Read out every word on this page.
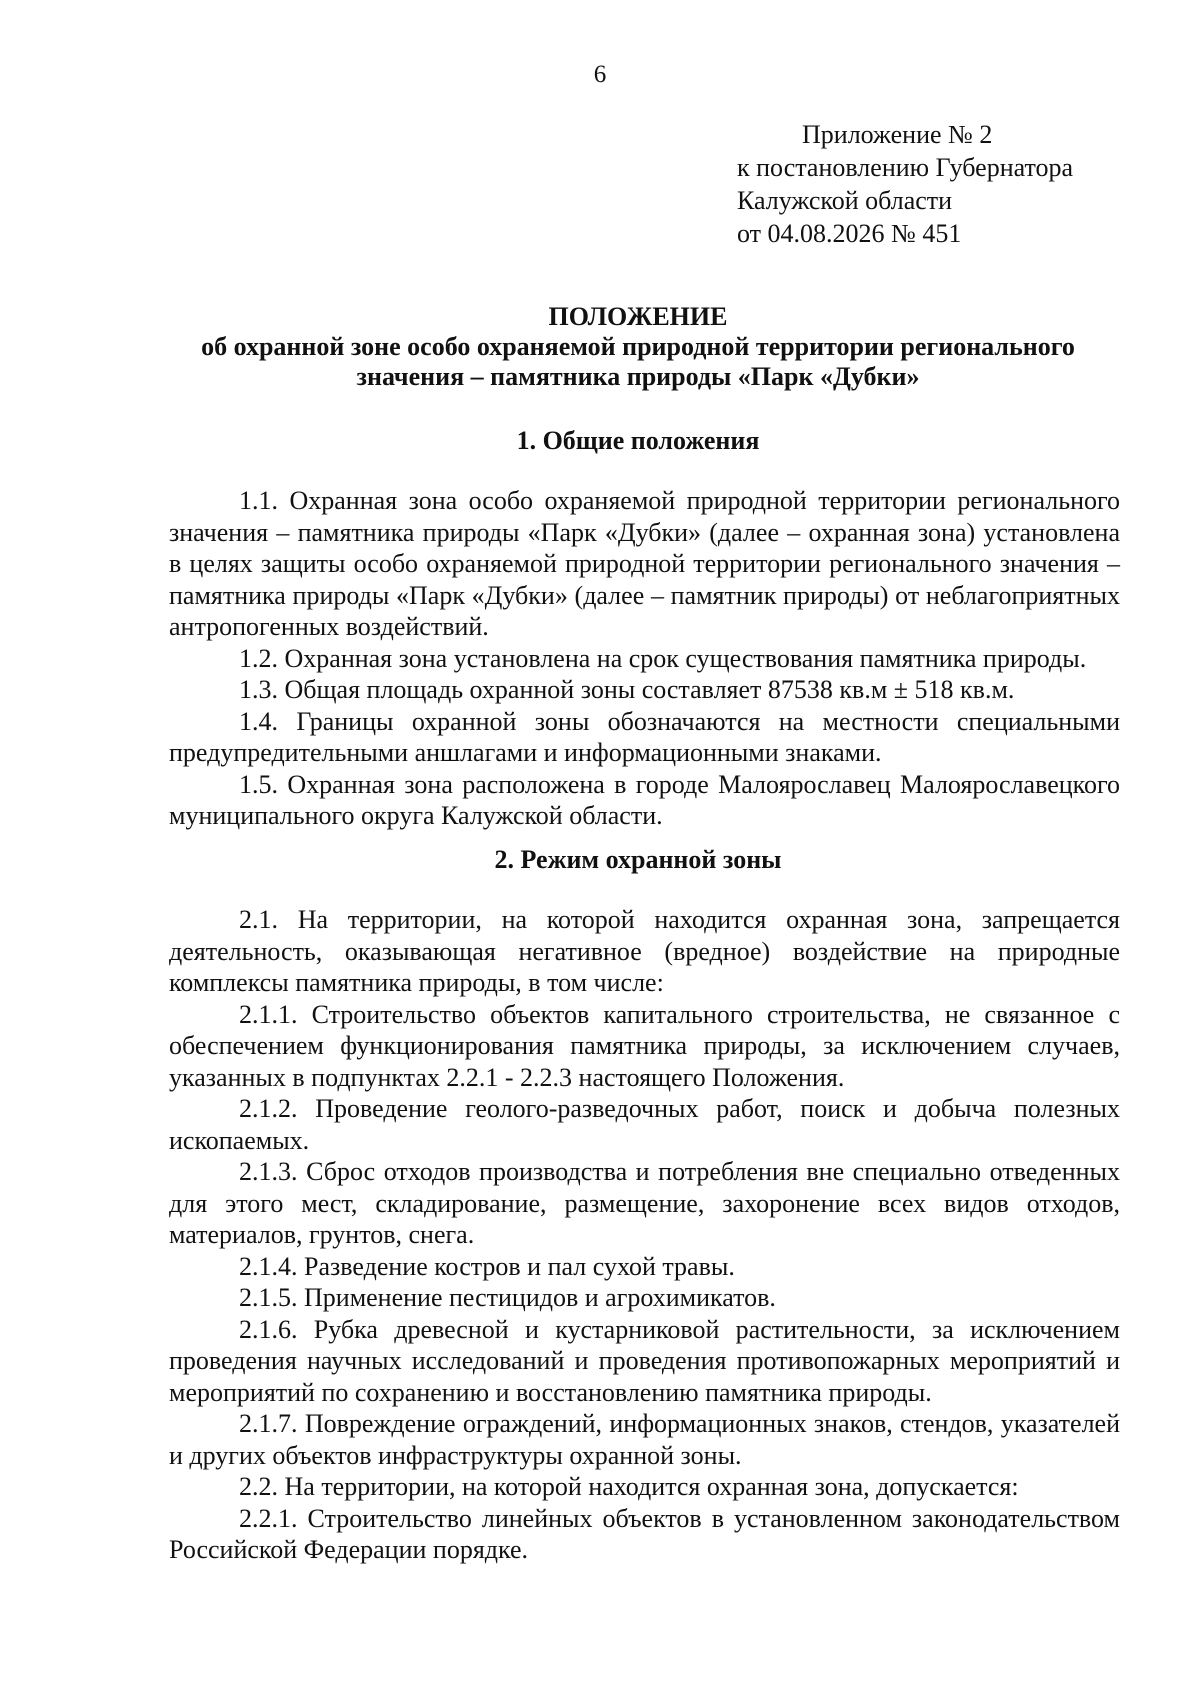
6
Приложение № 2
к постановлению Губернатора
Калужской области
от 04.08.2026 № 451
ПОЛОЖЕНИЕ
об охранной зоне особо охраняемой природной территории регионального
значения – памятника природы «Парк «Дубки»
1. Общие положения

1.1. Охранная зона особо охраняемой природной территории регионального значения – памятника природы «Парк «Дубки» (далее – охранная зона) установлена в целях защиты особо охраняемой природной территории регионального значения – памятника природы «Парк «Дубки» (далее – памятник природы) от неблагоприятных антропогенных воздействий.

1.2. Охранная зона установлена на срок существования памятника природы.

1.3. Общая площадь охранной зоны составляет 87538 кв.м ± 518 кв.м.

1.4. Границы охранной зоны обозначаются на местности специальными предупредительными аншлагами и информационными знаками.

1.5. Охранная зона расположена в городе Малоярославец Малоярославецкого муниципального округа Калужской области.

2. Режим охранной зоны

2.1. На территории, на которой находится охранная зона, запрещается деятельность, оказывающая негативное (вредное) воздействие на природные комплексы памятника природы, в том числе:

2.1.1. Строительство объектов капитального строительства, не связанное с обеспечением функционирования памятника природы, за исключением случаев, указанных в подпунктах 2.2.1 - 2.2.3 настоящего Положения.

2.1.2. Проведение геолого-разведочных работ, поиск и добыча полезных ископаемых.

2.1.3. Сброс отходов производства и потребления вне специально отведенных для этого мест, складирование, размещение, захоронение всех видов отходов, материалов, грунтов, снега.

2.1.4. Разведение костров и пал сухой травы.

2.1.5. Применение пестицидов и агрохимикатов.

2.1.6. Рубка древесной и кустарниковой растительности, за исключением проведения научных исследований и проведения противопожарных мероприятий и мероприятий по сохранению и восстановлению памятника природы.

2.1.7. Повреждение ограждений, информационных знаков, стендов, указателей и других объектов инфраструктуры охранной зоны.

2.2. На территории, на которой находится охранная зона, допускается:

2.2.1. Строительство линейных объектов в установленном законодательством Российской Федерации порядке.
